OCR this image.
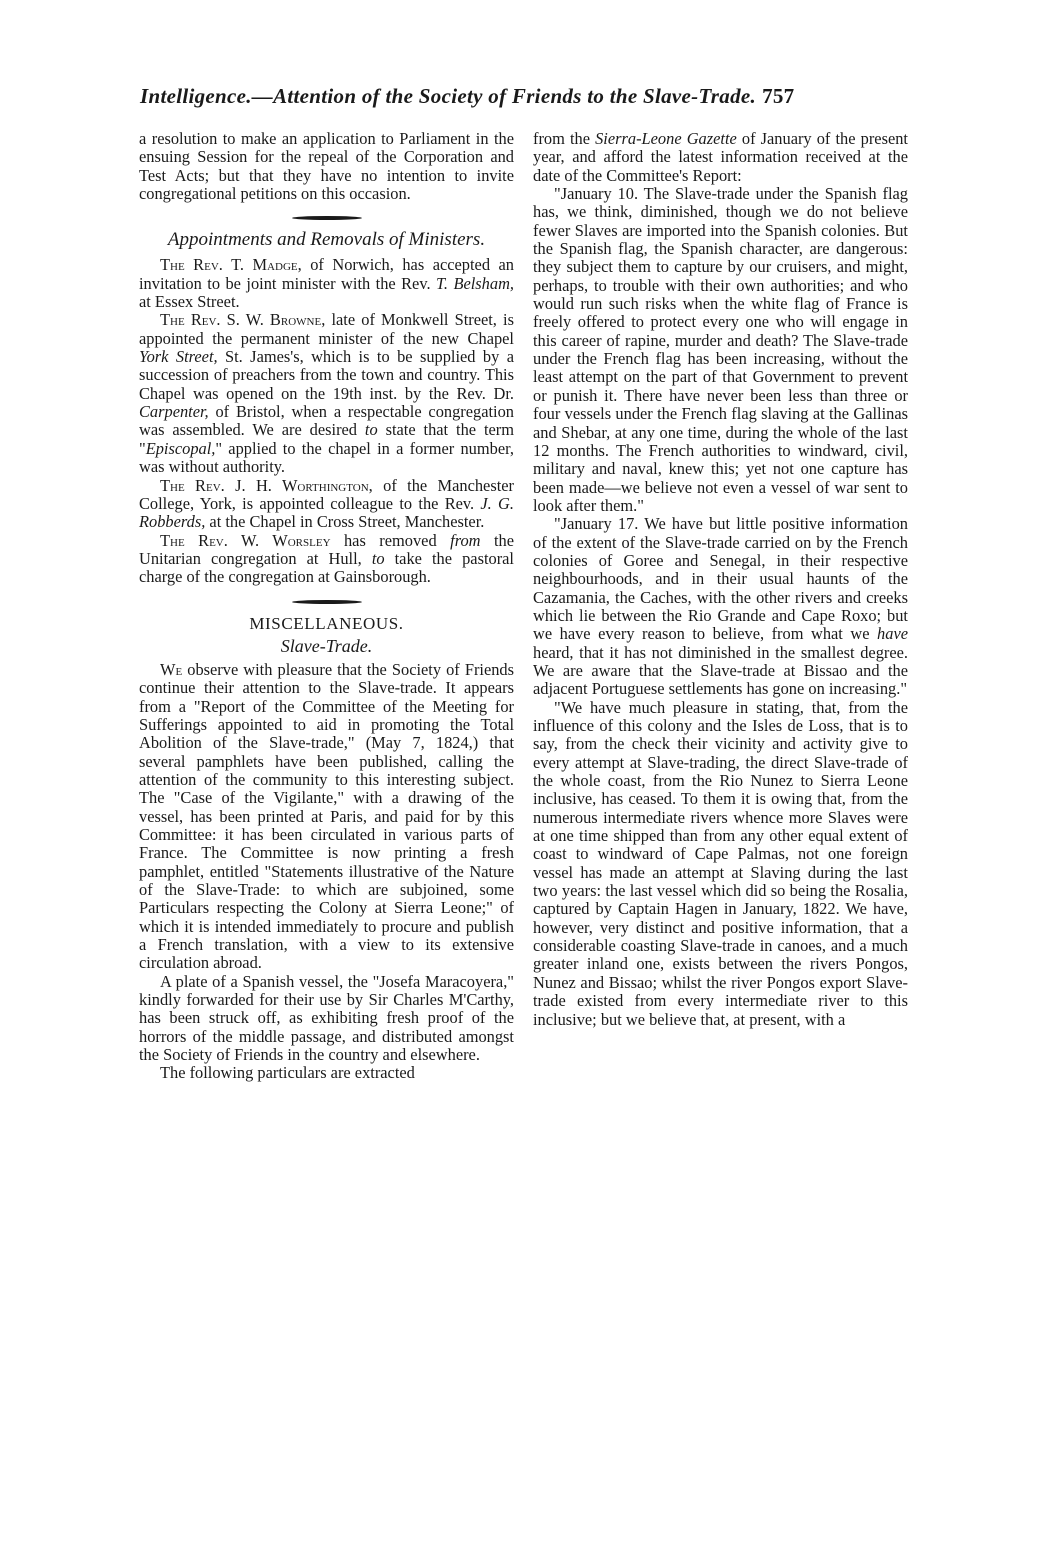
Intelligence.—Attention of the Society of Friends to the Slave-Trade. 757

a resolution to make an application to Parliament in the ensuing Session for the repeal of the Corporation and Test Acts; but that they have no intention to invite congregational petitions on this occasion.

Appointments and Removals of Ministers.

The Rev. T. Madge, of Norwich, has accepted an invitation to be joint minister with the Rev. T. Belsham, at Essex Street.

The Rev. S. W. Browne, late of Monkwell Street, is appointed the permanent minister of the new Chapel York Street, St. James's, which is to be supplied by a succession of preachers from the town and country. This Chapel was opened on the 19th inst. by the Rev. Dr. Carpenter, of Bristol, when a respectable congregation was assembled. We are desired to state that the term "Episcopal," applied to the chapel in a former number, was without authority.

The Rev. J. H. Worthington, of the Manchester College, York, is appointed colleague to the Rev. J. G. Robberds, at the Chapel in Cross Street, Manchester.

The Rev. W. Worsley has removed from the Unitarian congregation at Hull, to take the pastoral charge of the congregation at Gainsborough.

MISCELLANEOUS.
Slave-Trade.

We observe with pleasure that the Society of Friends continue their attention to the Slave-trade. It appears from a "Report of the Committee of the Meeting for Sufferings appointed to aid in promoting the Total Abolition of the Slave-trade," (May 7, 1824,) that several pamphlets have been published, calling the attention of the community to this interesting subject. The "Case of the Vigilante," with a drawing of the vessel, has been printed at Paris, and paid for by this Committee: it has been circulated in various parts of France. The Committee is now printing a fresh pamphlet, entitled "Statements illustrative of the Nature of the Slave-Trade: to which are subjoined, some Particulars respecting the Colony at Sierra Leone;" of which it is intended immediately to procure and publish a French translation, with a view to its extensive circulation abroad.

A plate of a Spanish vessel, the "Josefa Maracoyera," kindly forwarded for their use by Sir Charles M'Carthy, has been struck off, as exhibiting fresh proof of the horrors of the middle passage, and distributed amongst the Society of Friends in the country and elsewhere.

The following particulars are extracted

from the Sierra-Leone Gazette of January of the present year, and afford the latest information received at the date of the Committee's Report:

"January 10. The Slave-trade under the Spanish flag has, we think, diminished, though we do not believe fewer Slaves are imported into the Spanish colonies. But the Spanish flag, the Spanish character, are dangerous: they subject them to capture by our cruisers, and might, perhaps, to trouble with their own authorities; and who would run such risks when the white flag of France is freely offered to protect every one who will engage in this career of rapine, murder and death? The Slave-trade under the French flag has been increasing, without the least attempt on the part of that Government to prevent or punish it. There have never been less than three or four vessels under the French flag slaving at the Gallinas and Shebar, at any one time, during the whole of the last 12 months. The French authorities to windward, civil, military and naval, knew this; yet not one capture has been made—we believe not even a vessel of war sent to look after them."

"January 17. We have but little positive information of the extent of the Slave-trade carried on by the French colonies of Goree and Senegal, in their respective neighbourhoods, and in their usual haunts of the Cazamania, the Caches, with the other rivers and creeks which lie between the Rio Grande and Cape Roxo; but we have every reason to believe, from what we have heard, that it has not diminished in the smallest degree. We are aware that the Slave-trade at Bissao and the adjacent Portuguese settlements has gone on increasing."

"We have much pleasure in stating, that, from the influence of this colony and the Isles de Loss, that is to say, from the check their vicinity and activity give to every attempt at Slave-trading, the direct Slave-trade of the whole coast, from the Rio Nunez to Sierra Leone inclusive, has ceased. To them it is owing that, from the numerous intermediate rivers whence more Slaves were at one time shipped than from any other equal extent of coast to windward of Cape Palmas, not one foreign vessel has made an attempt at Slaving during the last two years: the last vessel which did so being the Rosalia, captured by Captain Hagen in January, 1822. We have, however, very distinct and positive information, that a considerable coasting Slave-trade in canoes, and a much greater inland one, exists between the rivers Pongos, Nunez and Bissao; whilst the river Pongos export Slave-trade existed from every intermediate river to this inclusive; but we believe that, at present, with a
